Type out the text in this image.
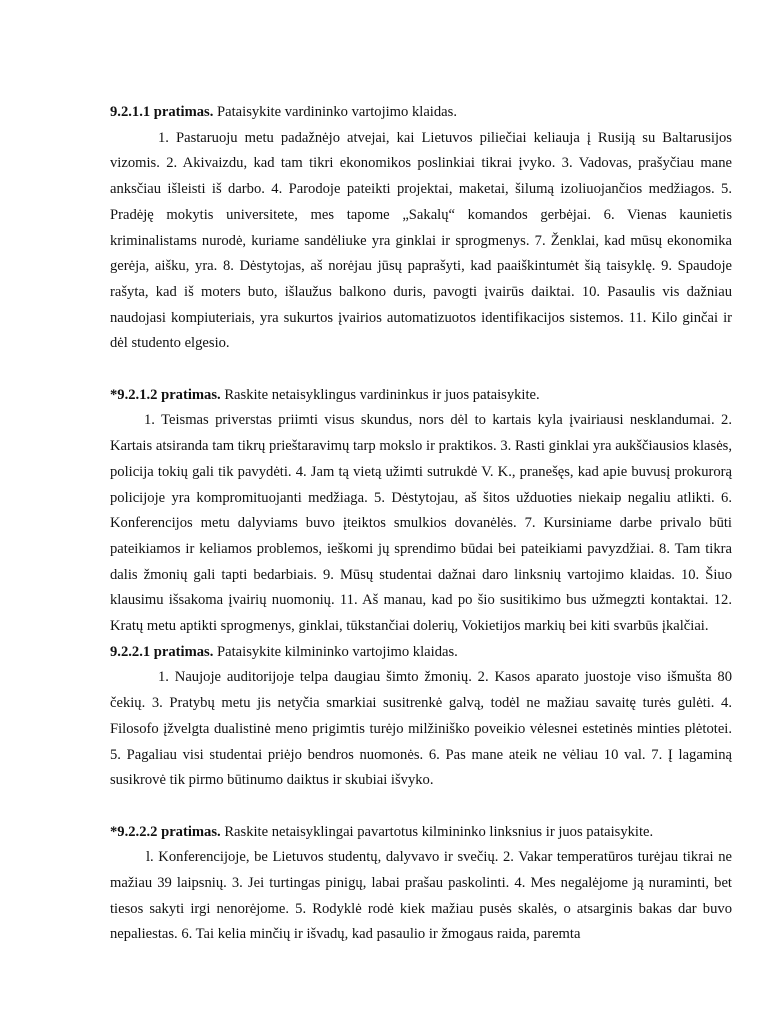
9.2.1.1 pratimas. Pataisykite vardininko vartojimo klaidas.

1. Pastaruoju metu padažnėjo atvejai, kai Lietuvos piliečiai keliauja į Rusiją su Baltarusijos vizomis. 2. Akivaizdu, kad tam tikri ekonomikos poslinkiai tikrai įvyko. 3. Vadovas, prašyčiau mane anksčiau išleisti iš darbo. 4. Parodoje pateikti projektai, maketai, šilumą izoliuojančios medžiagos. 5. Pradėję mokytis universitete, mes tapome „Sakalų“ komandos gerbėjai. 6. Vienas kaunietis kriminalistams nurodė, kuriame sandėliuke yra ginklai ir sprogmenys. 7. Ženklai, kad mūsų ekonomika gerėja, aišku, yra. 8. Dėstytojas, aš norėjau jūsų paprašyti, kad paaiškintumėt šią taisyklę. 9. Spaudoje rašyta, kad iš moters buto, išlaužus balkono duris, pavogti įvairūs daiktai. 10. Pasaulis vis dažniau naudojasi kompiuteriais, yra sukurtos įvairios automatizuotos identifikacijos sistemos. 11. Kilo ginčai ir dėl studento elgesio.

*9.2.1.2 pratimas. Raskite netaisyklingus vardininkus ir juos pataisykite.

1. Teismas priverstas priimti visus skundus, nors dėl to kartais kyla įvairiausi nesklandumai. 2. Kartais atsiranda tam tikrų prieštaravimų tarp mokslo ir praktikos. 3. Rasti ginklai yra aukščiausios klasės, policija tokių gali tik pavydėti. 4. Jam tą vietą užimti sutrukdė V. K., pranešęs, kad apie buvusį prokurorą policijoje yra kompromituojanti medžiaga. 5. Dėstytojau, aš šitos užduoties niekaip negaliu atlikti. 6. Konferencijos metu dalyviams buvo įteiktos smulkios dovanėlės. 7. Kursiniame darbe privalo būti pateikiamos ir keliamos problemos, ieškomi jų sprendimo būdai bei pateikiami pavyzdžiai. 8. Tam tikra dalis žmonių gali tapti bedarbiais. 9. Mūsų studentai dažnai daro linksnių vartojimo klaidas. 10. Šiuo klausimu išsakoma įvairių nuomonių. 11. Aš manau, kad po šio susitikimo bus užmegzti kontaktai. 12. Kratų metu aptikti sprogmenys, ginklai, tūkstančiai dolerių, Vokietijos markių bei kiti svarbūs įkalčiai.

9.2.2.1 pratimas. Pataisykite kilmininko vartojimo klaidas.

1. Naujoje auditorijoje telpa daugiau šimto žmonių. 2. Kasos aparato juostoje viso išmušta 80 čekių. 3. Pratybų metu jis netyčia smarkiai susitrenkė galvą, todėl ne mažiau savaitę turės gulėti. 4. Filosofo įžvelgta dualistinė meno prigimtis turėjo milžiniško poveikio vėlesnei estetinės minties plėtotei. 5. Pagaliau visi studentai priėjo bendros nuomonės. 6. Pas mane ateik ne vėliau 10 val. 7. Į lagaminą susikrovė tik pirmo būtinumo daiktus ir skubiai išvyko.

*9.2.2.2 pratimas. Raskite netaisyklingai pavartotus kilmininko linksnius ir juos pataisykite.

l. Konferencijoje, be Lietuvos studentų, dalyvavo ir svečių. 2. Vakar temperatūros turėjau tikrai ne mažiau 39 laipsnių. 3. Jei turtingas pinigų, labai prašau paskolinti. 4. Mes negalėjome ją nuraminti, bet tiesos sakyti irgi nenorėjome. 5. Rodyklė rodė kiek mažiau pusės skalės, o atsarginis bakas dar buvo nepaliestas. 6. Tai kelia minčių ir išvadų, kad pasaulio ir žmogaus raida, paremta
